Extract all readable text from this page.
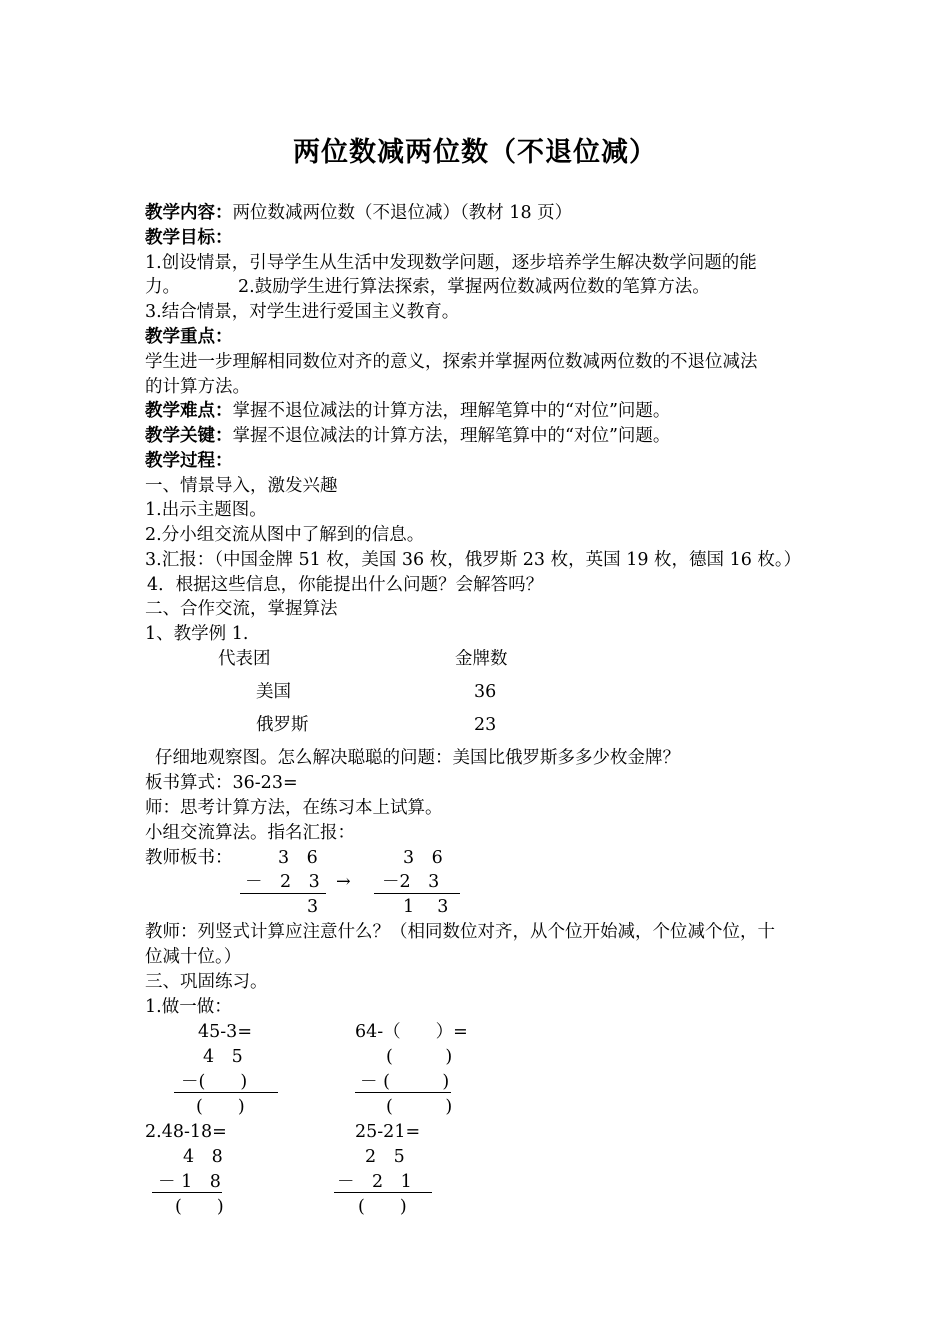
两位数减两位数（不退位减）
教学内容：两位数减两位数（不退位减）（教材 18 页）
教学目标：
1.创设情景，引导学生从生活中发现数学问题，逐步培养学生解决数学问题的能
力。	2.鼓励学生进行算法探索，掌握两位数减两位数的笔算方法。
3.结合情景，对学生进行爱国主义教育。
教学重点：
学生进一步理解相同数位对齐的意义，探索并掌握两位数减两位数的不退位减法
的计算方法。
教学难点：掌握不退位减法的计算方法，理解笔算中的“对位”问题。
教学关键：掌握不退位减法的计算方法，理解笔算中的“对位”问题。
教学过程：
一、情景导入，激发兴趣
1.出示主题图。
2.分小组交流从图中了解到的信息。
3.汇报：（中国金牌 51 枚，美国 36 枚，俄罗斯 23 枚，英国 19 枚，德国 16 枚。）
4．根据这些信息，你能提出什么问题？会解答吗？
二、合作交流，掌握算法
1、教学例 1.
代表团	金牌数
美国	36
俄罗斯	23
仔细地观察图。怎么解决聪聪的问题：美国比俄罗斯多多少枚金牌？
板书算式：36-23=
师：思考计算方法，在练习本上试算。
小组交流算法。指名汇报：
教师板书：	3　6
－　2　3
3
→
3　6
－2　3
1　 3
教师：列竖式计算应注意什么？（相同数位对齐，从个位开始减，个位减个位，十
位减十位。）
三、巩固练习。
1.做一做：
45-3=
4　5
－(　　)
(　　)
64-（　　）=
(　　　)
－ (　　　)
(　　　)
2.48-18=	25-21=
4　8
－ 1　8
(　　)
2　5
－　2　1
(　　)
